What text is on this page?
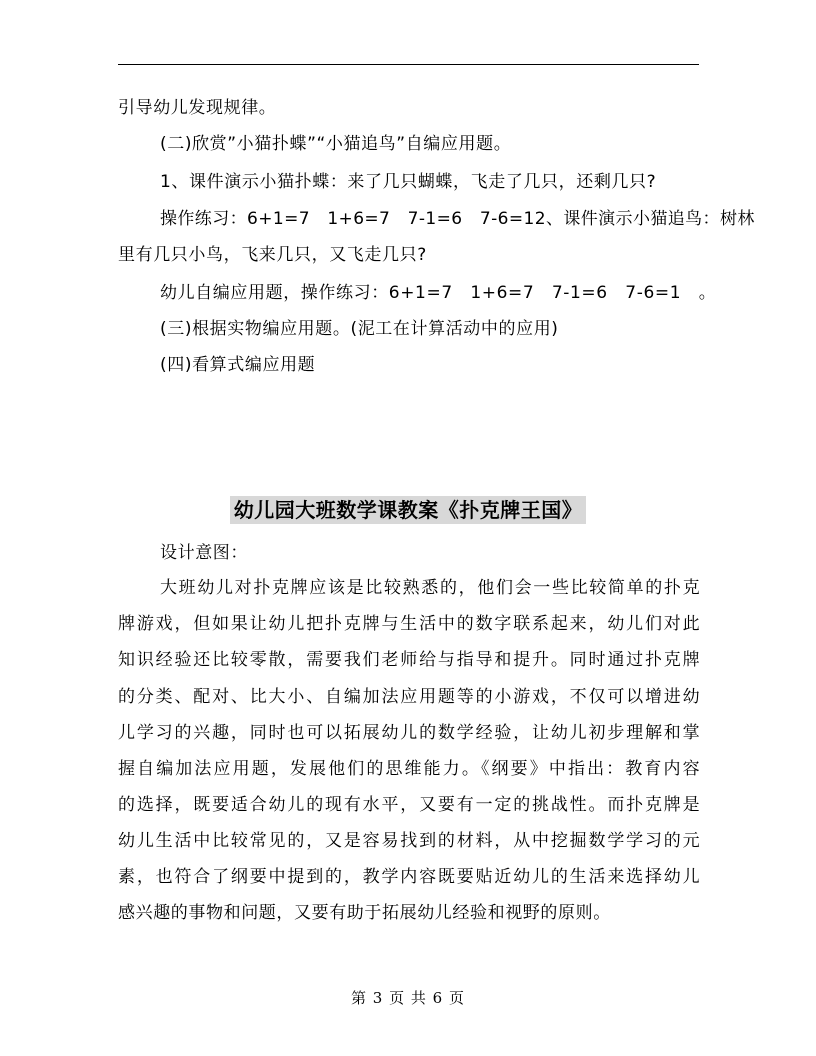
引导幼儿发现规律。
(二)欣赏”小猫扑蝶”“小猫追鸟”自编应用题。
1、课件演示小猫扑蝶：来了几只蝴蝶，飞走了几只，还剩几只?
操作练习：6+1=7　1+6=7　7-1=6　7-6=12、课件演示小猫追鸟：树林
里有几只小鸟，飞来几只，又飞走几只?
幼儿自编应用题，操作练习：6+1=7　1+6=7　7-1=6　7-6=1　。
(三)根据实物编应用题。(泥工在计算活动中的应用)
(四)看算式编应用题
幼儿园大班数学课教案《扑克牌王国》
设计意图：
大班幼儿对扑克牌应该是比较熟悉的，他们会一些比较简单的扑克
牌游戏，但如果让幼儿把扑克牌与生活中的数字联系起来，幼儿们对此
知识经验还比较零散，需要我们老师给与指导和提升。同时通过扑克牌
的分类、配对、比大小、自编加法应用题等的小游戏，不仅可以增进幼
儿学习的兴趣，同时也可以拓展幼儿的数学经验，让幼儿初步理解和掌
握自编加法应用题，发展他们的思维能力。《纲要》中指出：教育内容
的选择，既要适合幼儿的现有水平，又要有一定的挑战性。而扑克牌是
幼儿生活中比较常见的，又是容易找到的材料，从中挖掘数学学习的元
素，也符合了纲要中提到的，教学内容既要贴近幼儿的生活来选择幼儿
感兴趣的事物和问题，又要有助于拓展幼儿经验和视野的原则。
第 3 页 共 6 页
